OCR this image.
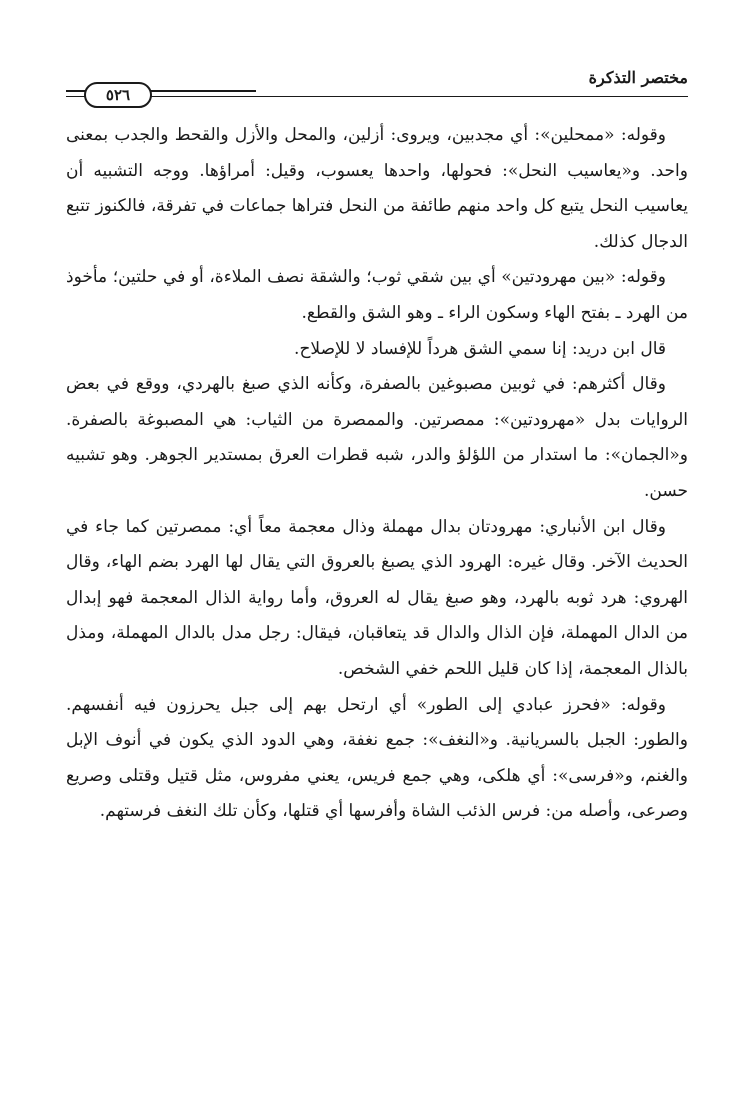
مختصر التذكرة
٥٢٦

وقوله: «ممحلين»: أي مجدبين، ويروى: أزلين، والمحل والأزل والقحط والجدب بمعنى واحد. و«يعاسيب النحل»: فحولها، واحدها يعسوب، وقيل: أمراؤها. ووجه التشبيه أن يعاسيب النحل يتبع كل واحد منهم طائفة من النحل فتراها جماعات في تفرقة، فالكنوز تتبع الدجال كذلك.

وقوله: «بين مهرودتين» أي بين شقي ثوب؛ والشقة نصف الملاءة، أو في حلتين؛ مأخوذ من الهرد ـ بفتح الهاء وسكون الراء ـ وهو الشق والقطع.

قال ابن دريد: إنا سمي الشق هرداً للإفساد لا للإصلاح.

وقال أكثرهم: في ثوبين مصبوغين بالصفرة، وكأنه الذي صبغ بالهردي، ووقع في بعض الروايات بدل «مهرودتين»: ممصرتين. والممصرة من الثياب: هي المصبوغة بالصفرة. و«الجمان»: ما استدار من اللؤلؤ والدر، شبه قطرات العرق بمستدير الجوهر. وهو تشبيه حسن.

وقال ابن الأنباري: مهرودتان بدال مهملة وذال معجمة معاً أي: ممصرتين كما جاء في الحديث الآخر. وقال غيره: الهرود الذي يصبغ بالعروق التي يقال لها الهرد بضم الهاء، وقال الهروي: هرد ثوبه بالهرد، وهو صبغ يقال له العروق، وأما رواية الذال المعجمة فهو إبدال من الدال المهملة، فإن الذال والدال قد يتعاقبان، فيقال: رجل مدل بالدال المهملة، ومذل بالذال المعجمة، إذا كان قليل اللحم خفي الشخص.

وقوله: «فحرز عبادي إلى الطور» أي ارتحل بهم إلى جبل يحرزون فيه أنفسهم. والطور: الجبل بالسريانية. و«النغف»: جمع نغفة، وهي الدود الذي يكون في أنوف الإبل والغنم، و«فرسى»: أي هلكى، وهي جمع فريس، يعني مفروس، مثل قتيل وقتلى وصريع وصرعى، وأصله من: فرس الذئب الشاة وأفرسها أي قتلها، وكأن تلك النغف فرستهم.
